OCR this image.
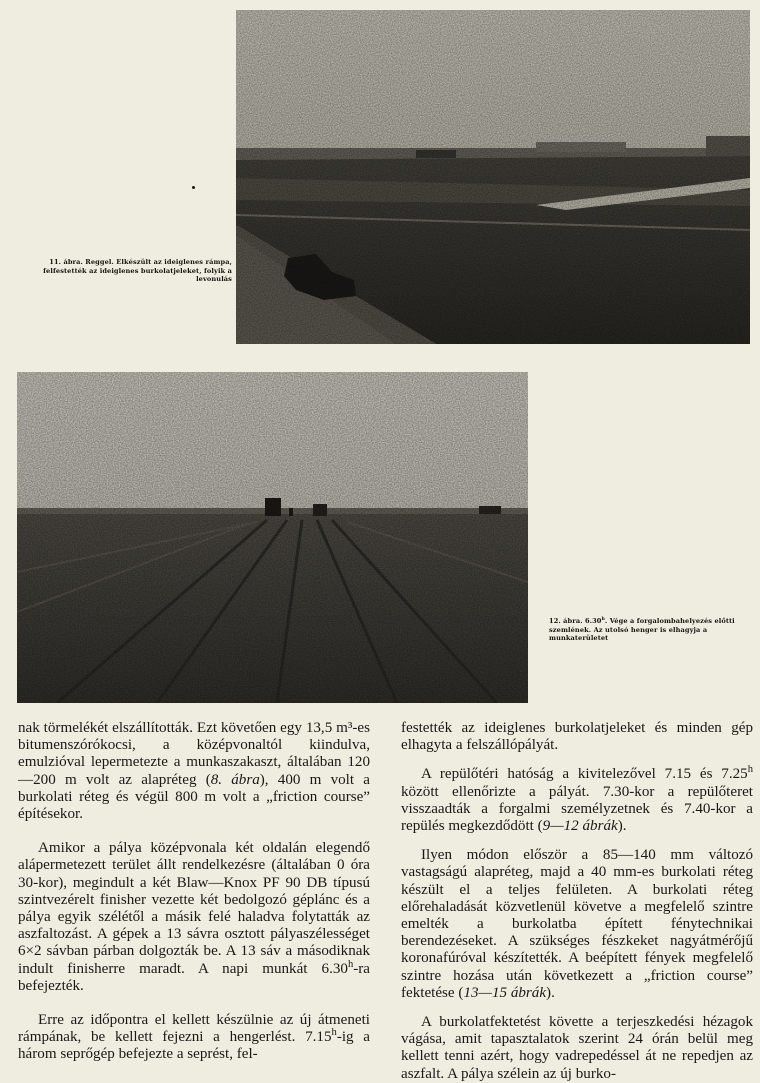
11. ábra. Reggel. Elkészült az ideiglenes rámpa, felfestették az ideiglenes burkolatjeleket, folyik a levonulás
12. ábra. 6.30$^h$. Vége a forgalombahelyezés előtti szemlének. Az utolsó henger is elhagyja a munkaterületet

nak törmelékét elszállították. Ezt követően egy 13,5 m³-es bitumenszórókocsi, a középvonaltól kiindulva, emulzióval lepermetezte a munkaszakaszt, általában 120—200 m volt az alapréteg (8. ábra), 400 m volt a burkolati réteg és végül 800 m volt a „friction course” építésekor.

Amikor a pálya középvonala két oldalán elegendő alápermetezett terület állt rendelkezésre (általában 0 óra 30-kor), megindult a két Blaw—Knox PF 90 DB típusú szintvezérelt finisher vezette két bedolgozó géplánc és a pálya egyik szélétől a másik felé haladva folytatták az aszfaltozást. A gépek a 13 sávra osztott pályaszélességet 6×2 sávban párban dolgozták be. A 13 sáv a másodiknak indult finisherre maradt. A napi munkát 6.30$^h$-ra befejezték.

Erre az időpontra el kellett készülnie az új átmeneti rámpának, be kellett fejezni a hengerlést. 7.15$^h$-ig a három seprőgép befejezte a seprést, fel-

festették az ideiglenes burkolatjeleket és minden gép elhagyta a felszállópályát.

A repülőtéri hatóság a kivitelezővel 7.15 és 7.25$^h$ között ellenőrizte a pályát. 7.30-kor a repülőteret visszaadták a forgalmi személyzetnek és 7.40-kor a repülés megkezdődött (9—12 ábrák).

Ilyen módon először a 85—140 mm változó vastagságú alapréteg, majd a 40 mm-es burkolati réteg készült el a teljes felületen. A burkolati réteg előrehaladását közvetlenül követve a megfelelő szintre emelték a burkolatba épített fénytechnikai berendezéseket. A szükséges fészkeket nagyátmérőjű koronafúróval készítették. A beépített fények megfelelő szintre hozása után következett a „friction course” fektetése (13—15 ábrák).

A burkolatfektetést követte a terjeszkedési hézagok vágása, amit tapasztalatok szerint 24 órán belül meg kellett tenni azért, hogy vadrepedéssel át ne repedjen az aszfalt. A pálya szélein az új burko-
